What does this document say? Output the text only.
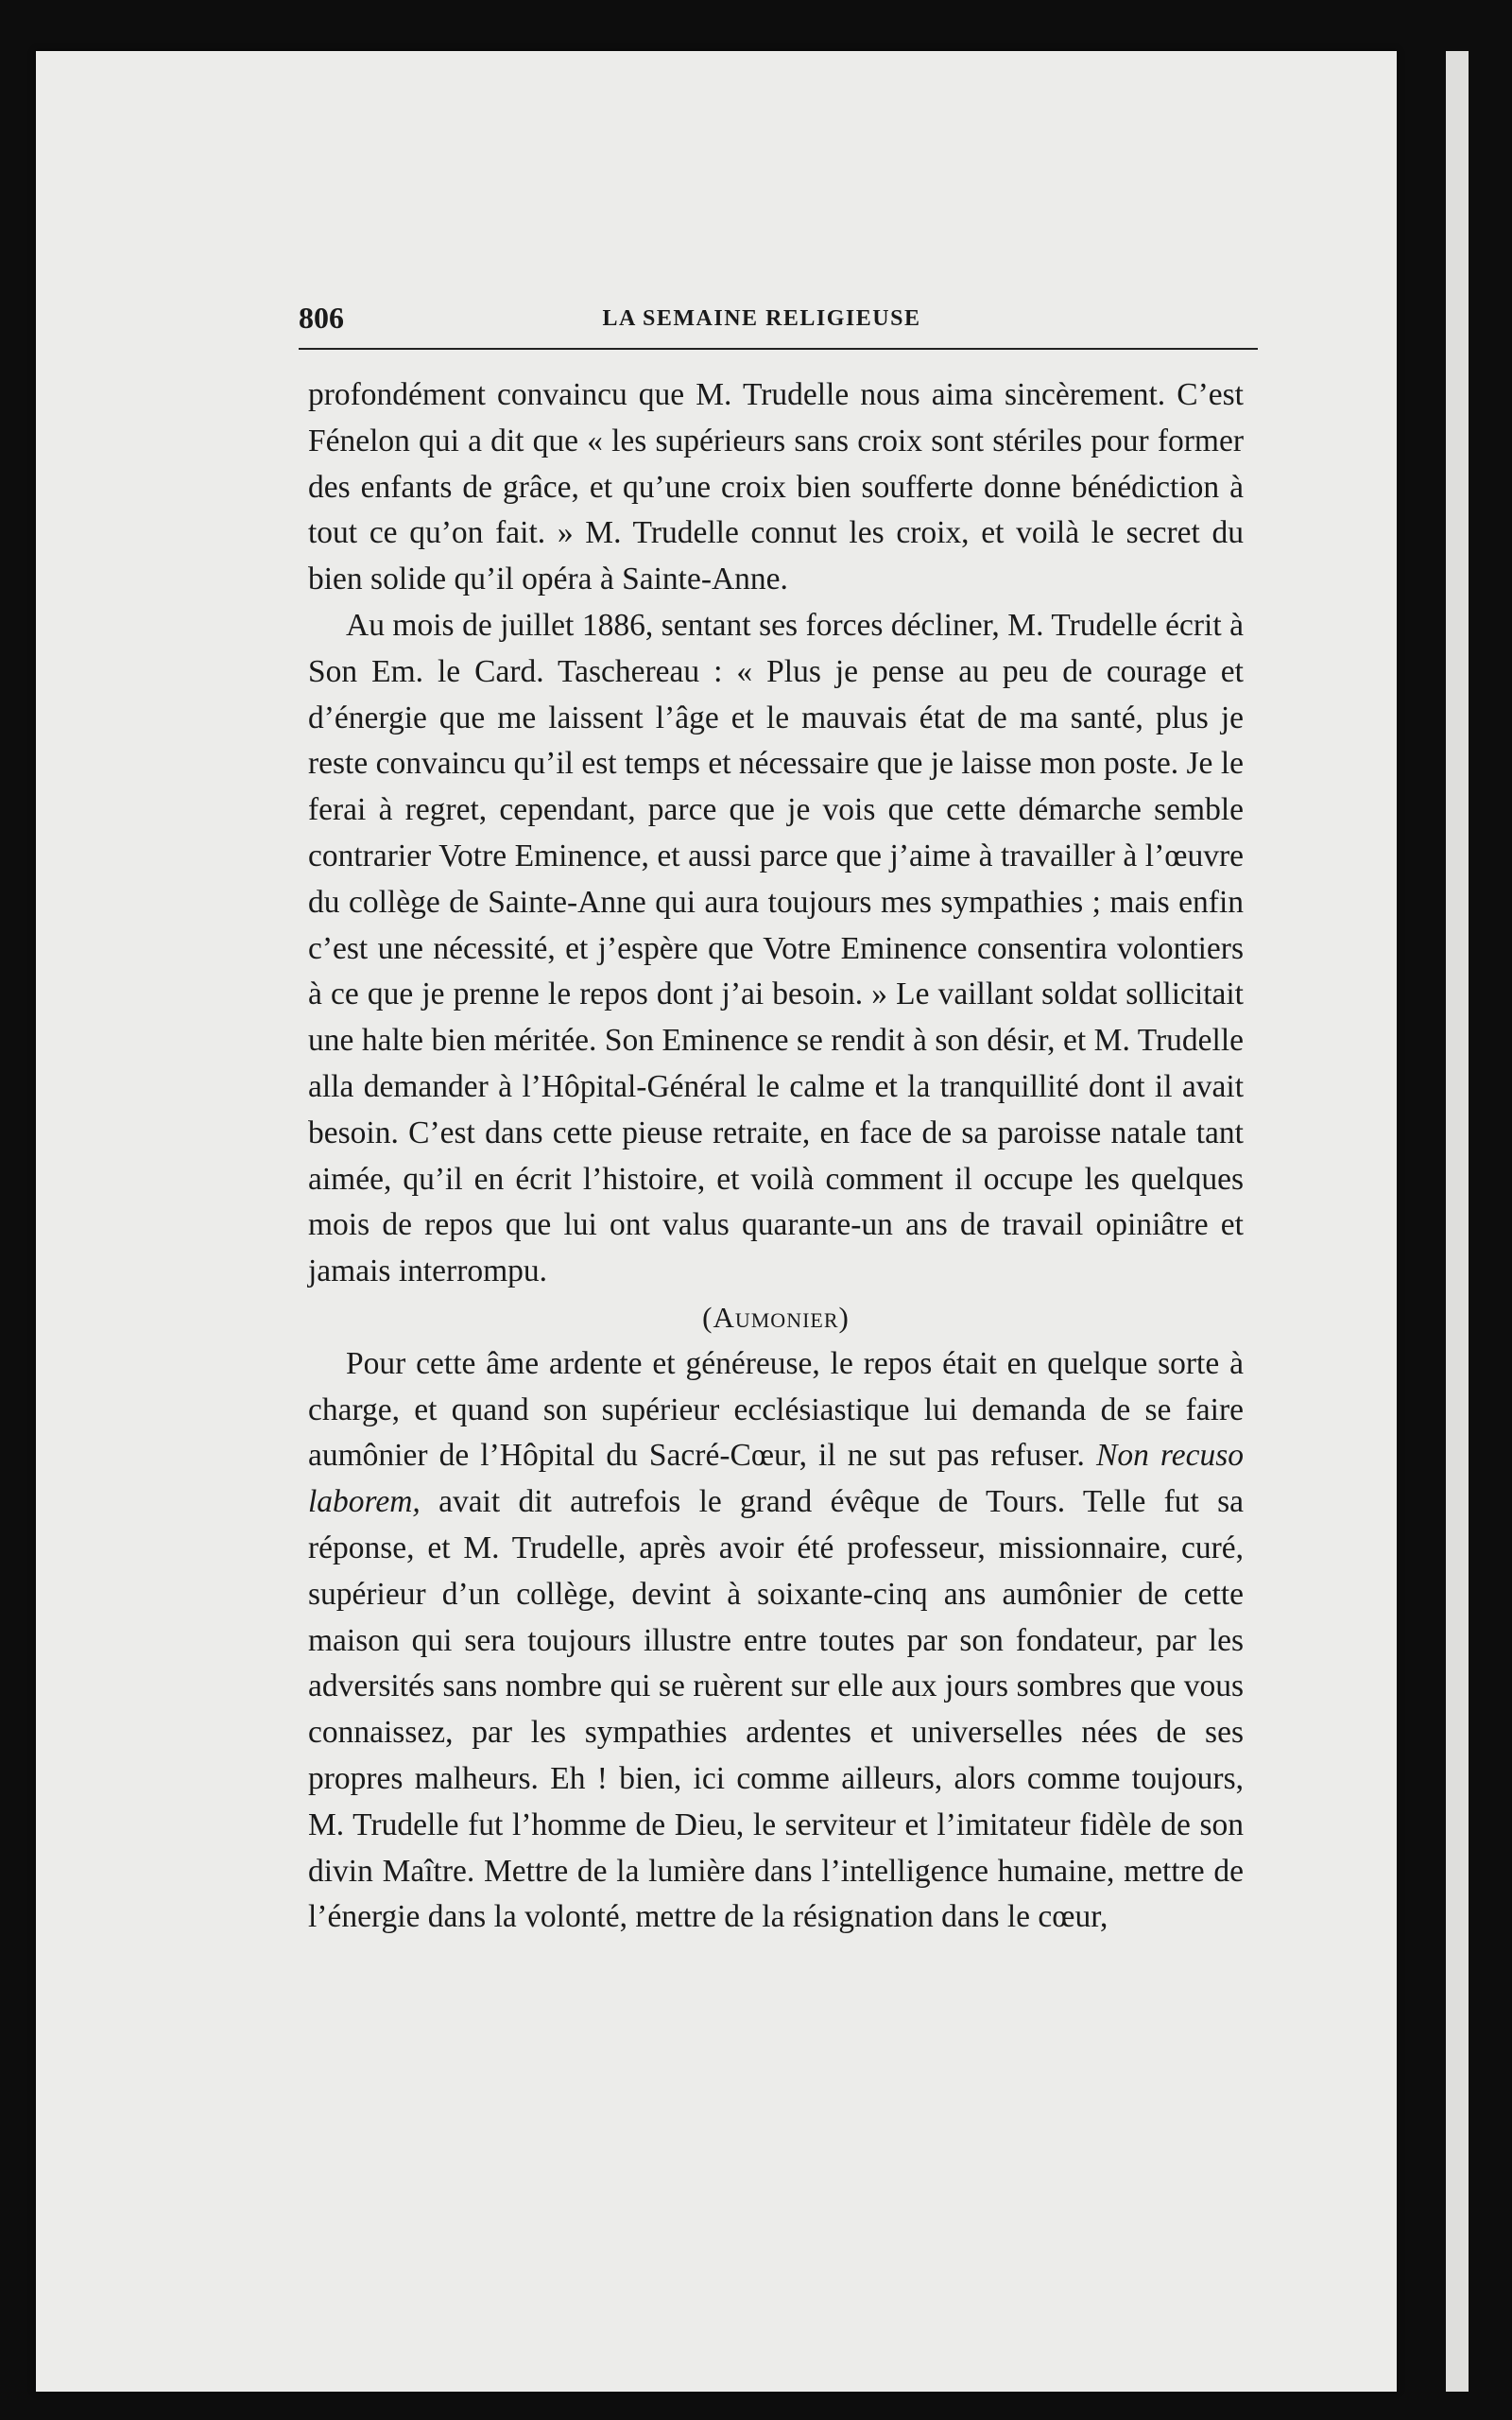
806	LA SEMAINE RELIGIEUSE

profondément convaincu que M. Trudelle nous aima sincèrement. C’est Fénelon qui a dit que « les supérieurs sans croix sont stériles pour former des enfants de grâce, et qu’une croix bien soufferte donne bénédiction à tout ce qu’on fait. » M. Trudelle connut les croix, et voilà le secret du bien solide qu’il opéra à Sainte-Anne.

Au mois de juillet 1886, sentant ses forces décliner, M. Trudelle écrit à Son Em. le Card. Taschereau : « Plus je pense au peu de courage et d’énergie que me laissent l’âge et le mauvais état de ma santé, plus je reste convaincu qu’il est temps et nécessaire que je laisse mon poste. Je le ferai à regret, cependant, parce que je vois que cette démarche semble contrarier Votre Eminence, et aussi parce que j’aime à travailler à l’œuvre du collège de Sainte-Anne qui aura toujours mes sympathies ; mais enfin c’est une nécessité, et j’espère que Votre Eminence consentira volontiers à ce que je prenne le repos dont j’ai besoin. » Le vaillant soldat sollicitait une halte bien méritée. Son Eminence se rendit à son désir, et M. Trudelle alla demander à l’Hôpital-Général le calme et la tranquillité dont il avait besoin. C’est dans cette pieuse retraite, en face de sa paroisse natale tant aimée, qu’il en écrit l’histoire, et voilà comment il occupe les quelques mois de repos que lui ont valus quarante-un ans de travail opiniâtre et jamais interrompu.

(Aumonier)

Pour cette âme ardente et généreuse, le repos était en quelque sorte à charge, et quand son supérieur ecclésiastique lui demanda de se faire aumônier de l’Hôpital du Sacré-Cœur, il ne sut pas refuser. Non recuso laborem, avait dit autrefois le grand évêque de Tours. Telle fut sa réponse, et M. Trudelle, après avoir été professeur, missionnaire, curé, supérieur d’un collège, devint à soixante-cinq ans aumônier de cette maison qui sera toujours illustre entre toutes par son fondateur, par les adversités sans nombre qui se ruèrent sur elle aux jours sombres que vous connaissez, par les sympathies ardentes et universelles nées de ses propres malheurs. Eh ! bien, ici comme ailleurs, alors comme toujours, M. Trudelle fut l’homme de Dieu, le serviteur et l’imitateur fidèle de son divin Maître. Mettre de la lumière dans l’intelligence humaine, mettre de l’énergie dans la volonté, mettre de la résignation dans le cœur,
